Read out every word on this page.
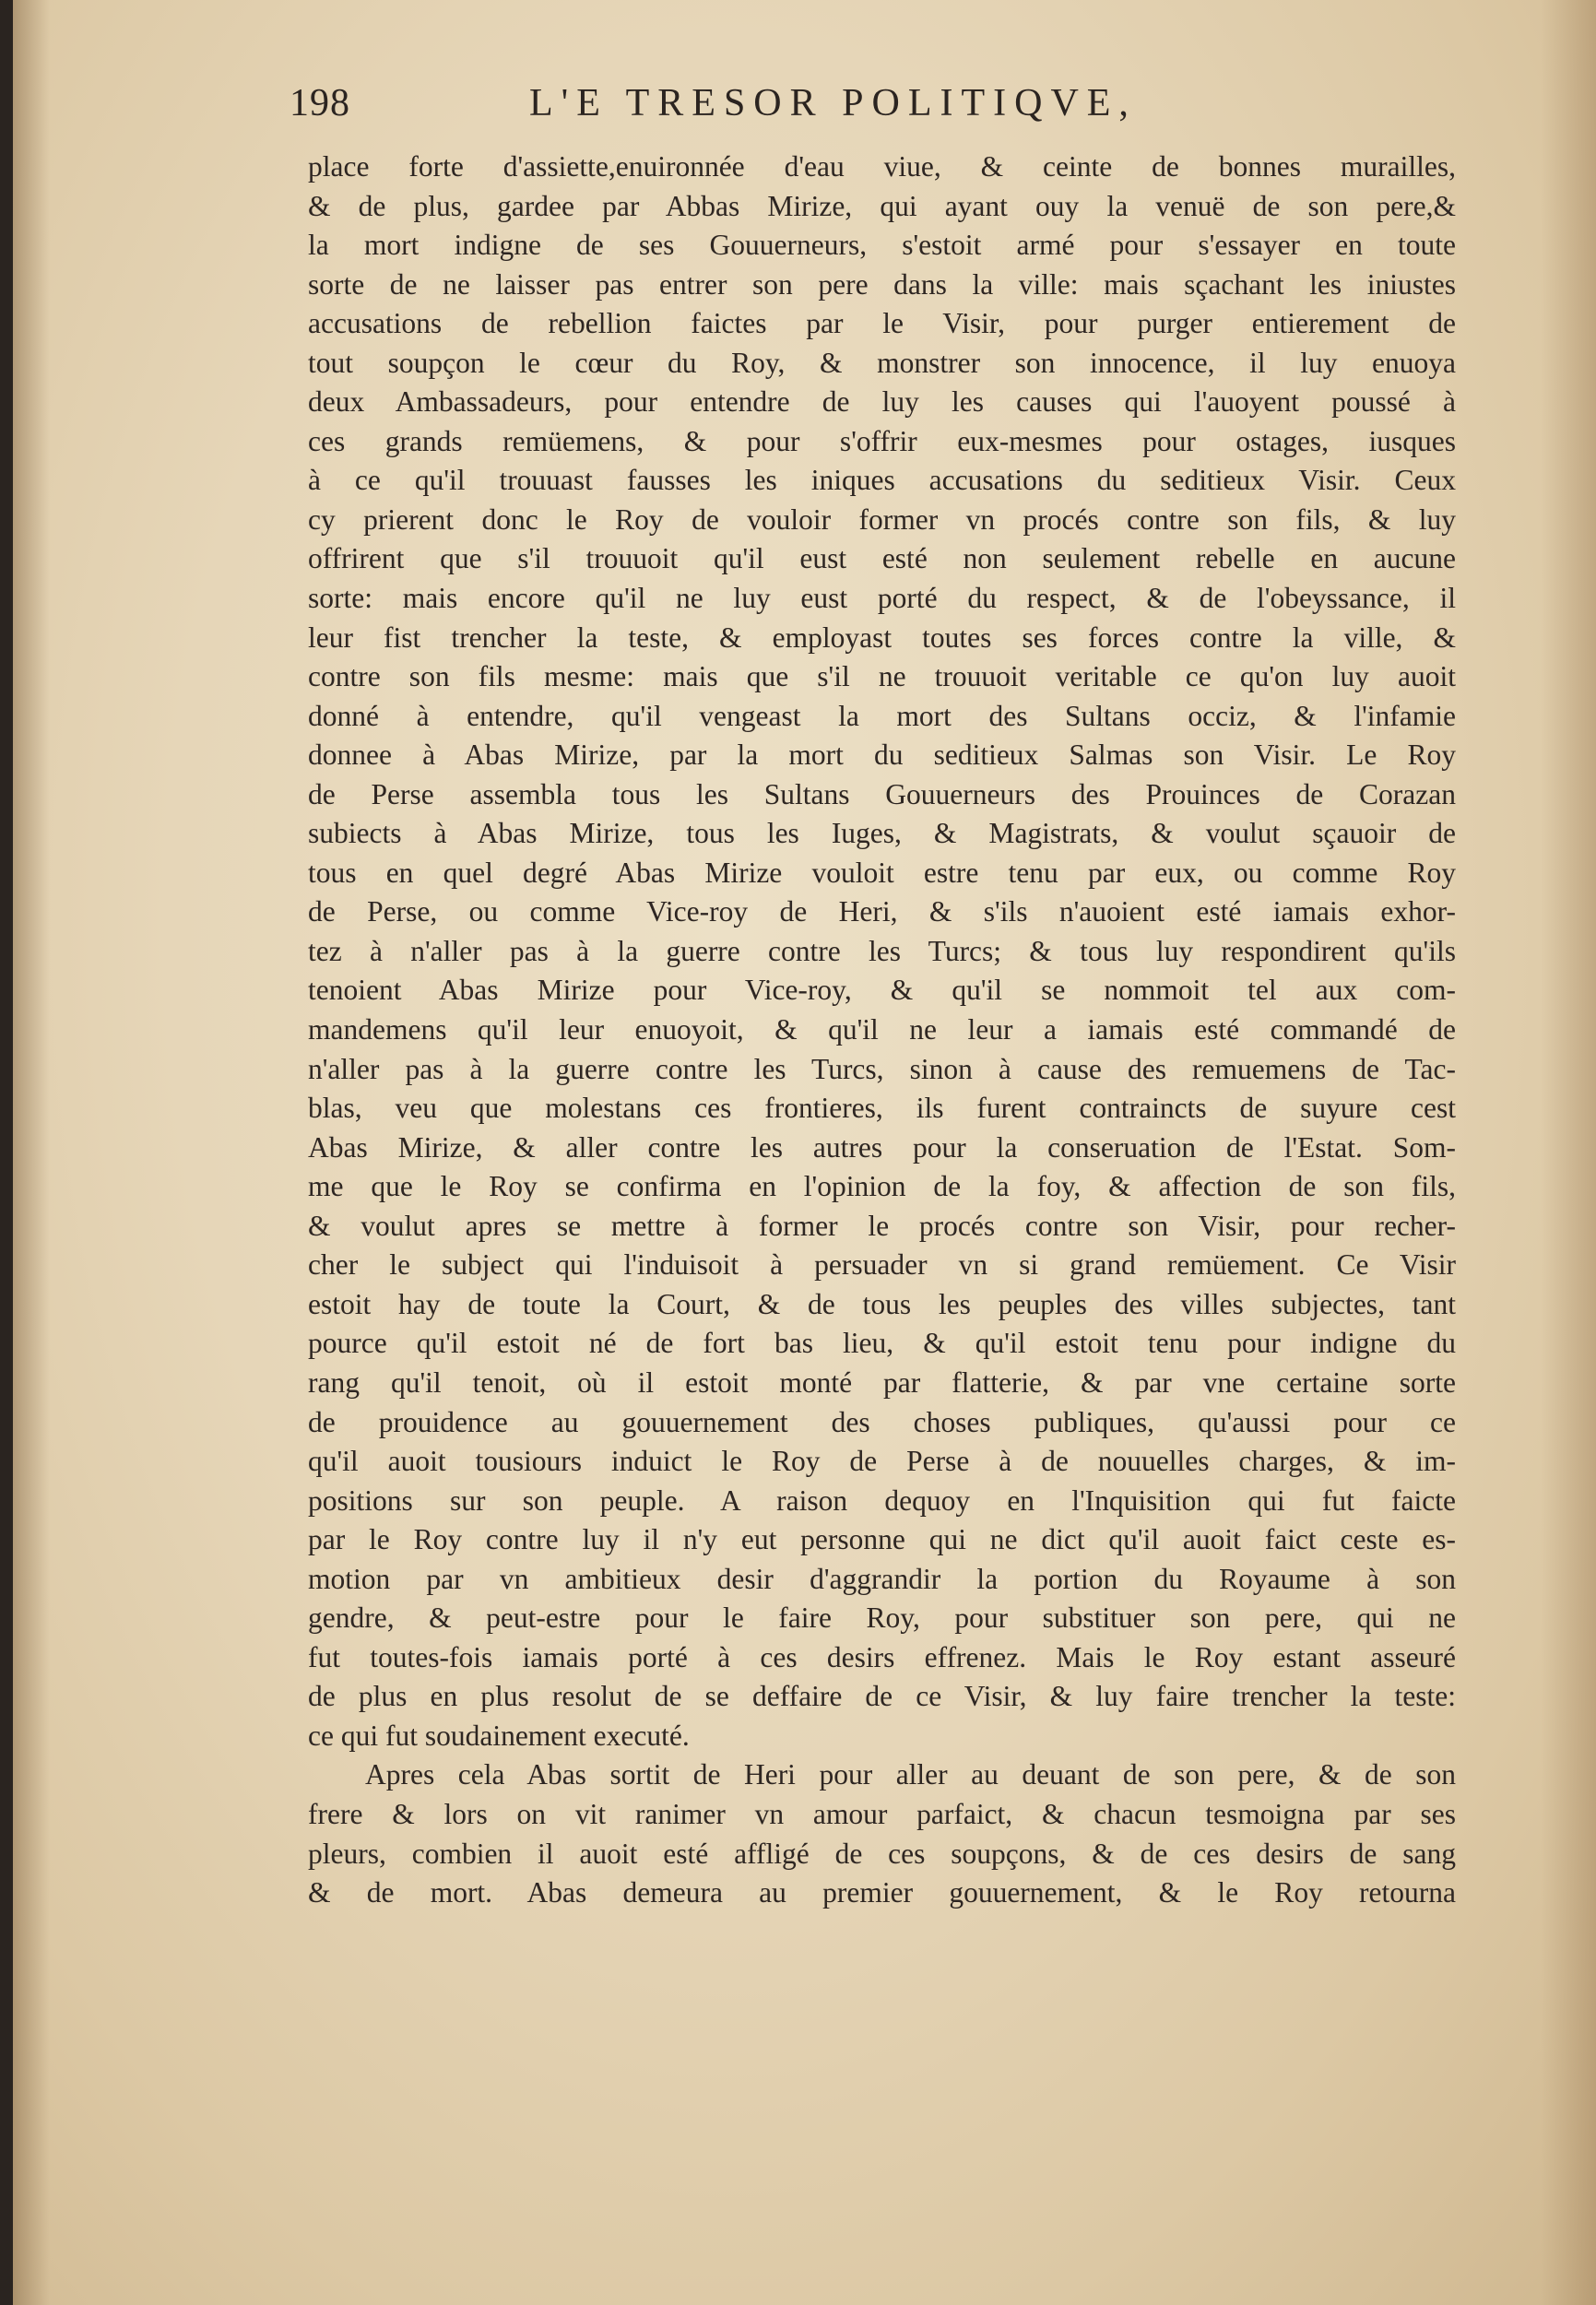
198	L'E TRESOR POLITIQVE,
place forte d'assiette,enuironnée d'eau viue, & ceinte de bonnes murailles,
& de plus, gardee par Abbas Mirize, qui ayant ouy la venuë de son pere,&
la mort indigne de ses Gouuerneurs, s'estoit armé pour s'essayer en toute
sorte de ne laisser pas entrer son pere dans la ville: mais sçachant les iniustes
accusations de rebellion faictes par le Visir, pour purger entierement de
tout soupçon le cœur du Roy, & monstrer son innocence, il luy enuoya
deux Ambassadeurs, pour entendre de luy les causes qui l'auoyent poussé à
ces grands remüemens, & pour s'offrir eux-mesmes pour ostages, iusques
à ce qu'il trouuast fausses les iniques accusations du seditieux Visir. Ceux
cy prierent donc le Roy de vouloir former vn procés contre son fils, & luy
offrirent que s'il trouuoit qu'il eust esté non seulement rebelle en aucune
sorte: mais encore qu'il ne luy eust porté du respect, & de l'obeyssance, il
leur fist trencher la teste, & employast toutes ses forces contre la ville, &
contre son fils mesme: mais que s'il ne trouuoit veritable ce qu'on luy auoit
donné à entendre, qu'il vengeast la mort des Sultans occiz, & l'infamie
donnee à Abas Mirize, par la mort du seditieux Salmas son Visir. Le Roy
de Perse assembla tous les Sultans Gouuerneurs des Prouinces de Corazan
subiects à Abas Mirize, tous les Iuges, & Magistrats, & voulut sçauoir de
tous en quel degré Abas Mirize vouloit estre tenu par eux, ou comme Roy
de Perse, ou comme Vice-roy de Heri, & s'ils n'auoient esté iamais exhor-
tez à n'aller pas à la guerre contre les Turcs; & tous luy respondirent qu'ils
tenoient Abas Mirize pour Vice-roy, & qu'il se nommoit tel aux com-
mandemens qu'il leur enuoyoit, & qu'il ne leur a iamais esté commandé de
n'aller pas à la guerre contre les Turcs, sinon à cause des remuemens de Tac-
blas, veu que molestans ces frontieres, ils furent contraincts de suyure cest
Abas Mirize, & aller contre les autres pour la conseruation de l'Estat. Som-
me que le Roy se confirma en l'opinion de la foy, & affection de son fils,
& voulut apres se mettre à former le procés contre son Visir, pour recher-
cher le subject qui l'induisoit à persuader vn si grand remüement. Ce Visir
estoit hay de toute la Court, & de tous les peuples des villes subjectes, tant
pource qu'il estoit né de fort bas lieu, & qu'il estoit tenu pour indigne du
rang qu'il tenoit, où il estoit monté par flatterie, & par vne certaine sorte
de prouidence au gouuernement des choses publiques, qu'aussi pour ce
qu'il auoit tousiours induict le Roy de Perse à de nouuelles charges, & im-
positions sur son peuple. A raison dequoy en l'Inquisition qui fut faicte
par le Roy contre luy il n'y eut personne qui ne dict qu'il auoit faict ceste es-
motion par vn ambitieux desir d'aggrandir la portion du Royaume à son
gendre, & peut-estre pour le faire Roy, pour substituer son pere, qui ne
fut toutes-fois iamais porté à ces desirs effrenez. Mais le Roy estant asseuré
de plus en plus resolut de se deffaire de ce Visir, & luy faire trencher la teste:
ce qui fut soudainement executé.
Apres cela Abas sortit de Heri pour aller au deuant de son pere, & de son
frere & lors on vit ranimer vn amour parfaict, & chacun tesmoigna par ses
pleurs, combien il auoit esté affligé de ces soupçons, & de ces desirs de sang
& de mort. Abas demeura au premier gouuernement, & le Roy retourna
